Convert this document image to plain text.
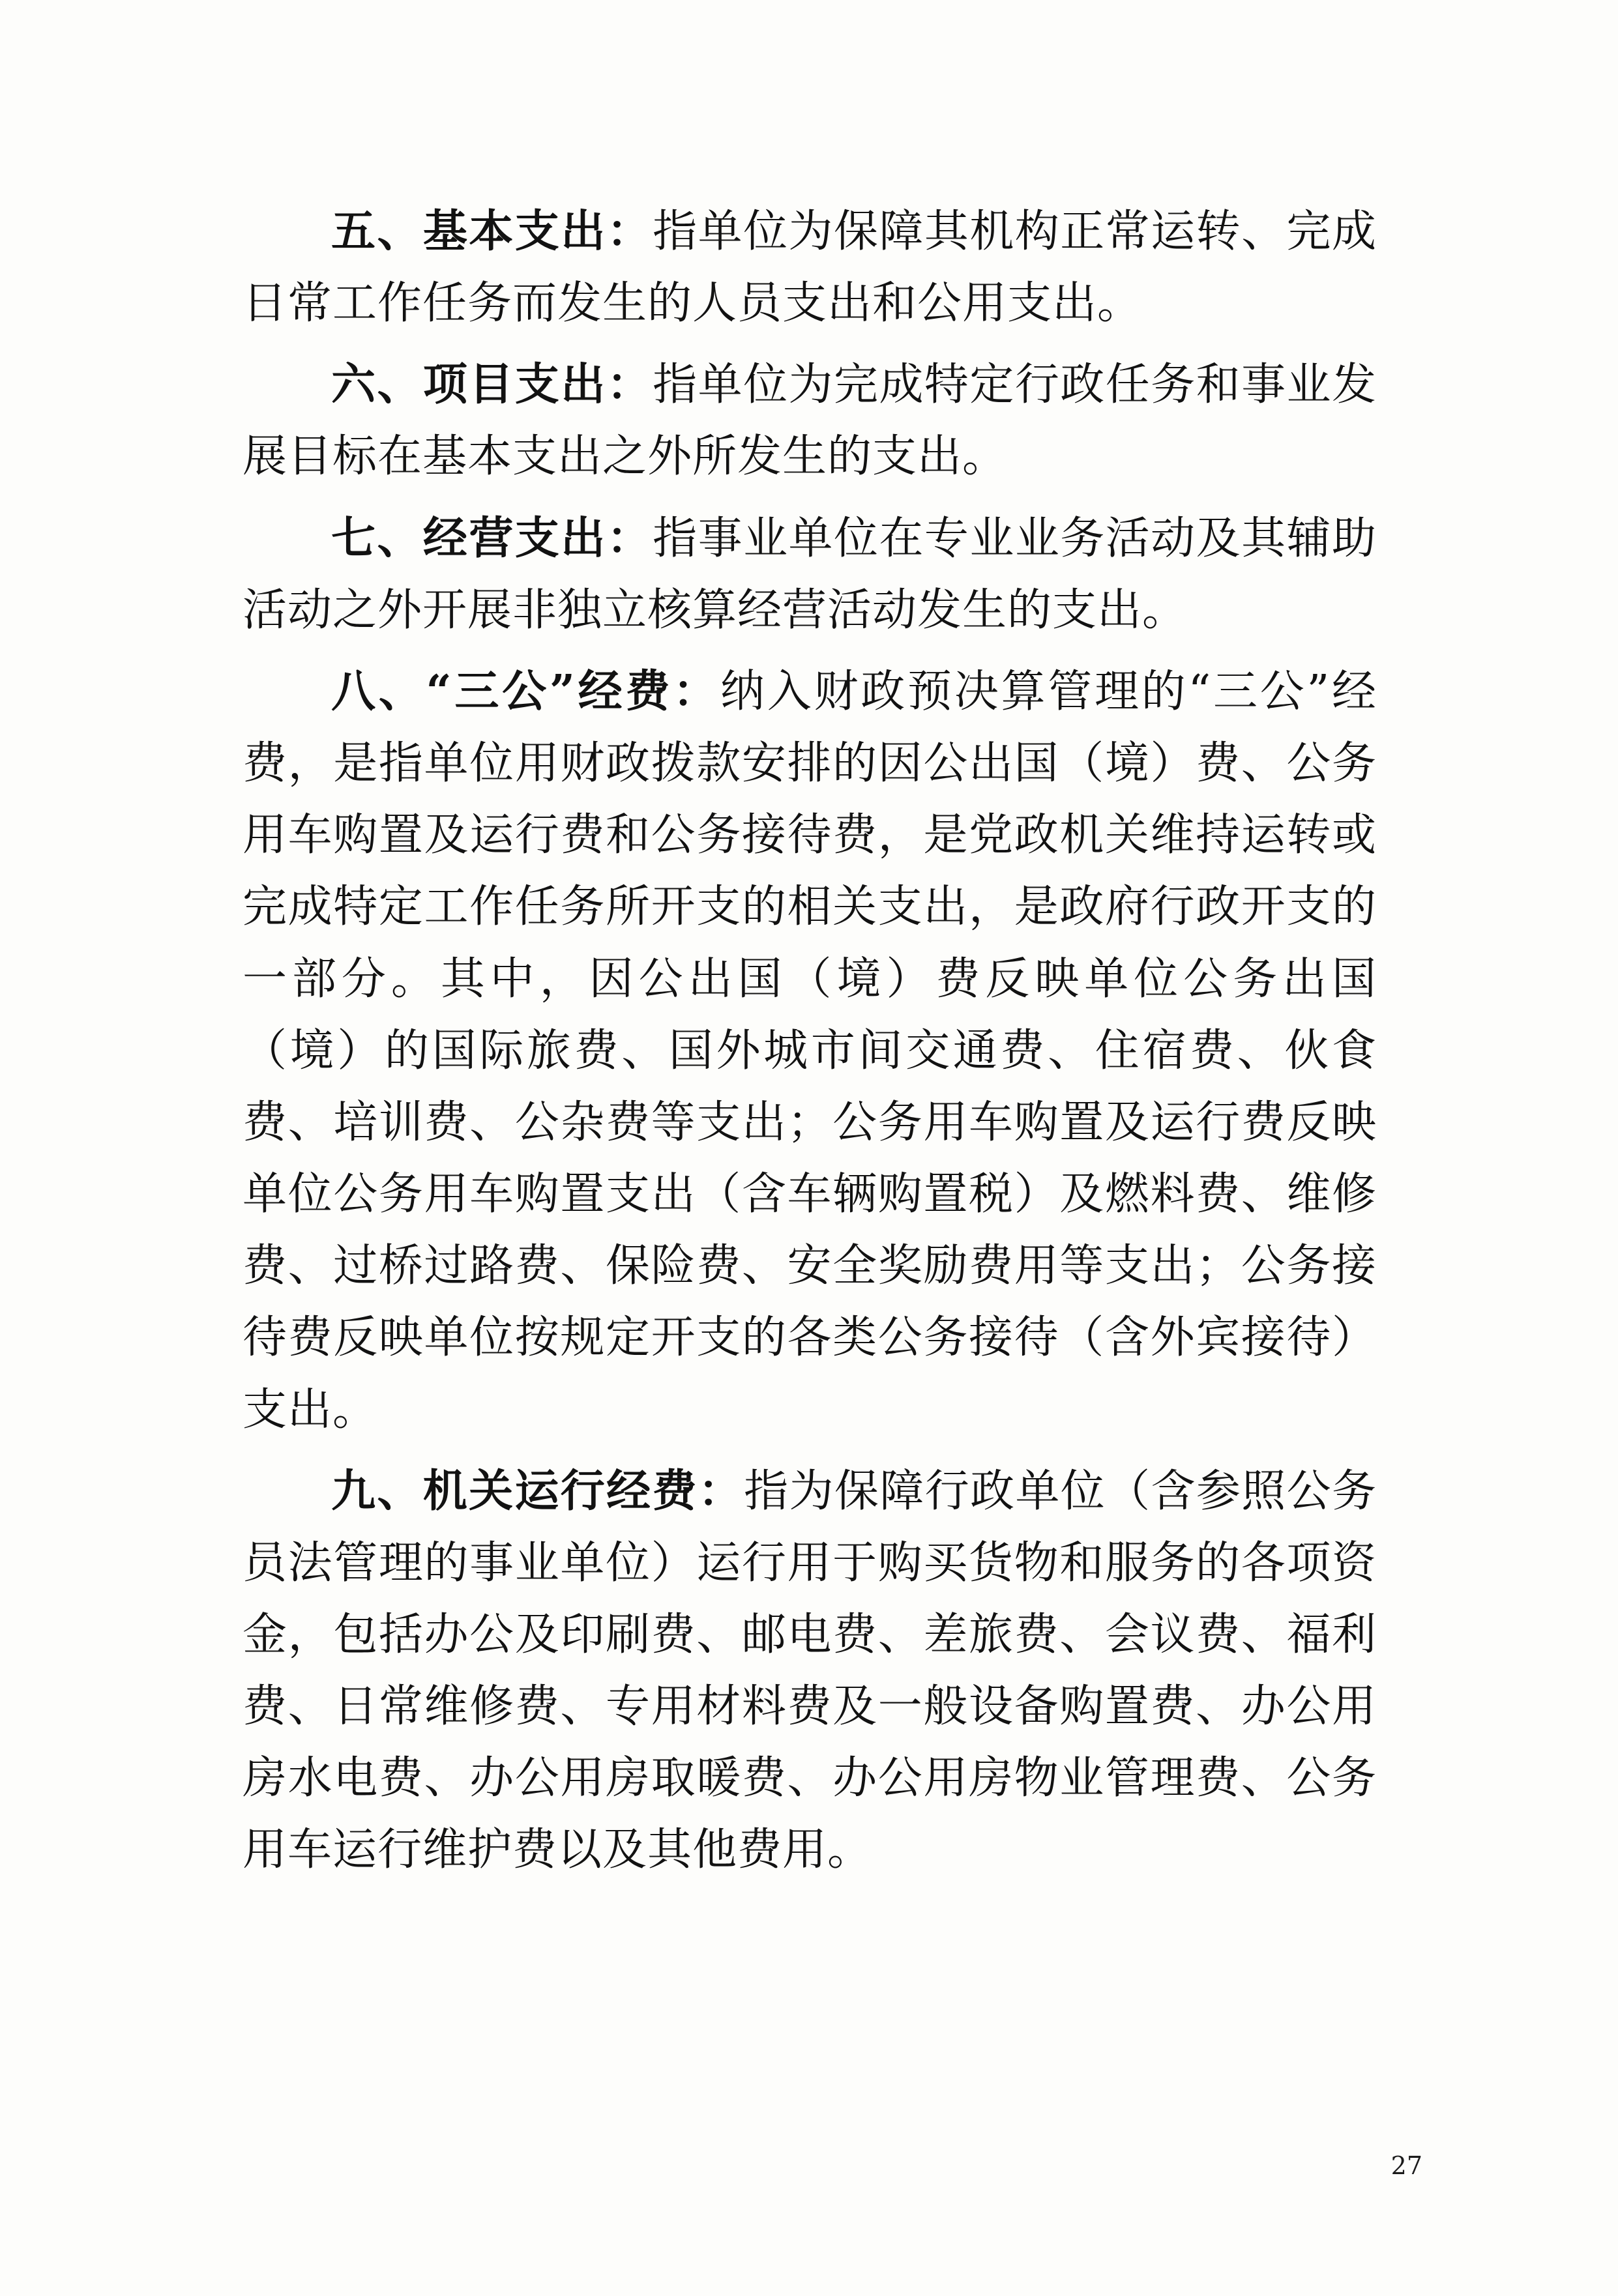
五、基本支出：指单位为保障其机构正常运转、完成日常工作任务而发生的人员支出和公用支出。

六、项目支出：指单位为完成特定行政任务和事业发展目标在基本支出之外所发生的支出。

七、经营支出：指事业单位在专业业务活动及其辅助活动之外开展非独立核算经营活动发生的支出。

八、“三公”经费：纳入财政预决算管理的“三公”经费，是指单位用财政拨款安排的因公出国（境）费、公务用车购置及运行费和公务接待费，是党政机关维持运转或完成特定工作任务所开支的相关支出，是政府行政开支的一部分。其中，因公出国（境）费反映单位公务出国（境）的国际旅费、国外城市间交通费、住宿费、伙食费、培训费、公杂费等支出；公务用车购置及运行费反映单位公务用车购置支出（含车辆购置税）及燃料费、维修费、过桥过路费、保险费、安全奖励费用等支出；公务接待费反映单位按规定开支的各类公务接待（含外宾接待）支出。

九、机关运行经费：指为保障行政单位（含参照公务员法管理的事业单位）运行用于购买货物和服务的各项资金，包括办公及印刷费、邮电费、差旅费、会议费、福利费、日常维修费、专用材料费及一般设备购置费、办公用房水电费、办公用房取暖费、办公用房物业管理费、公务用车运行维护费以及其他费用。

27
